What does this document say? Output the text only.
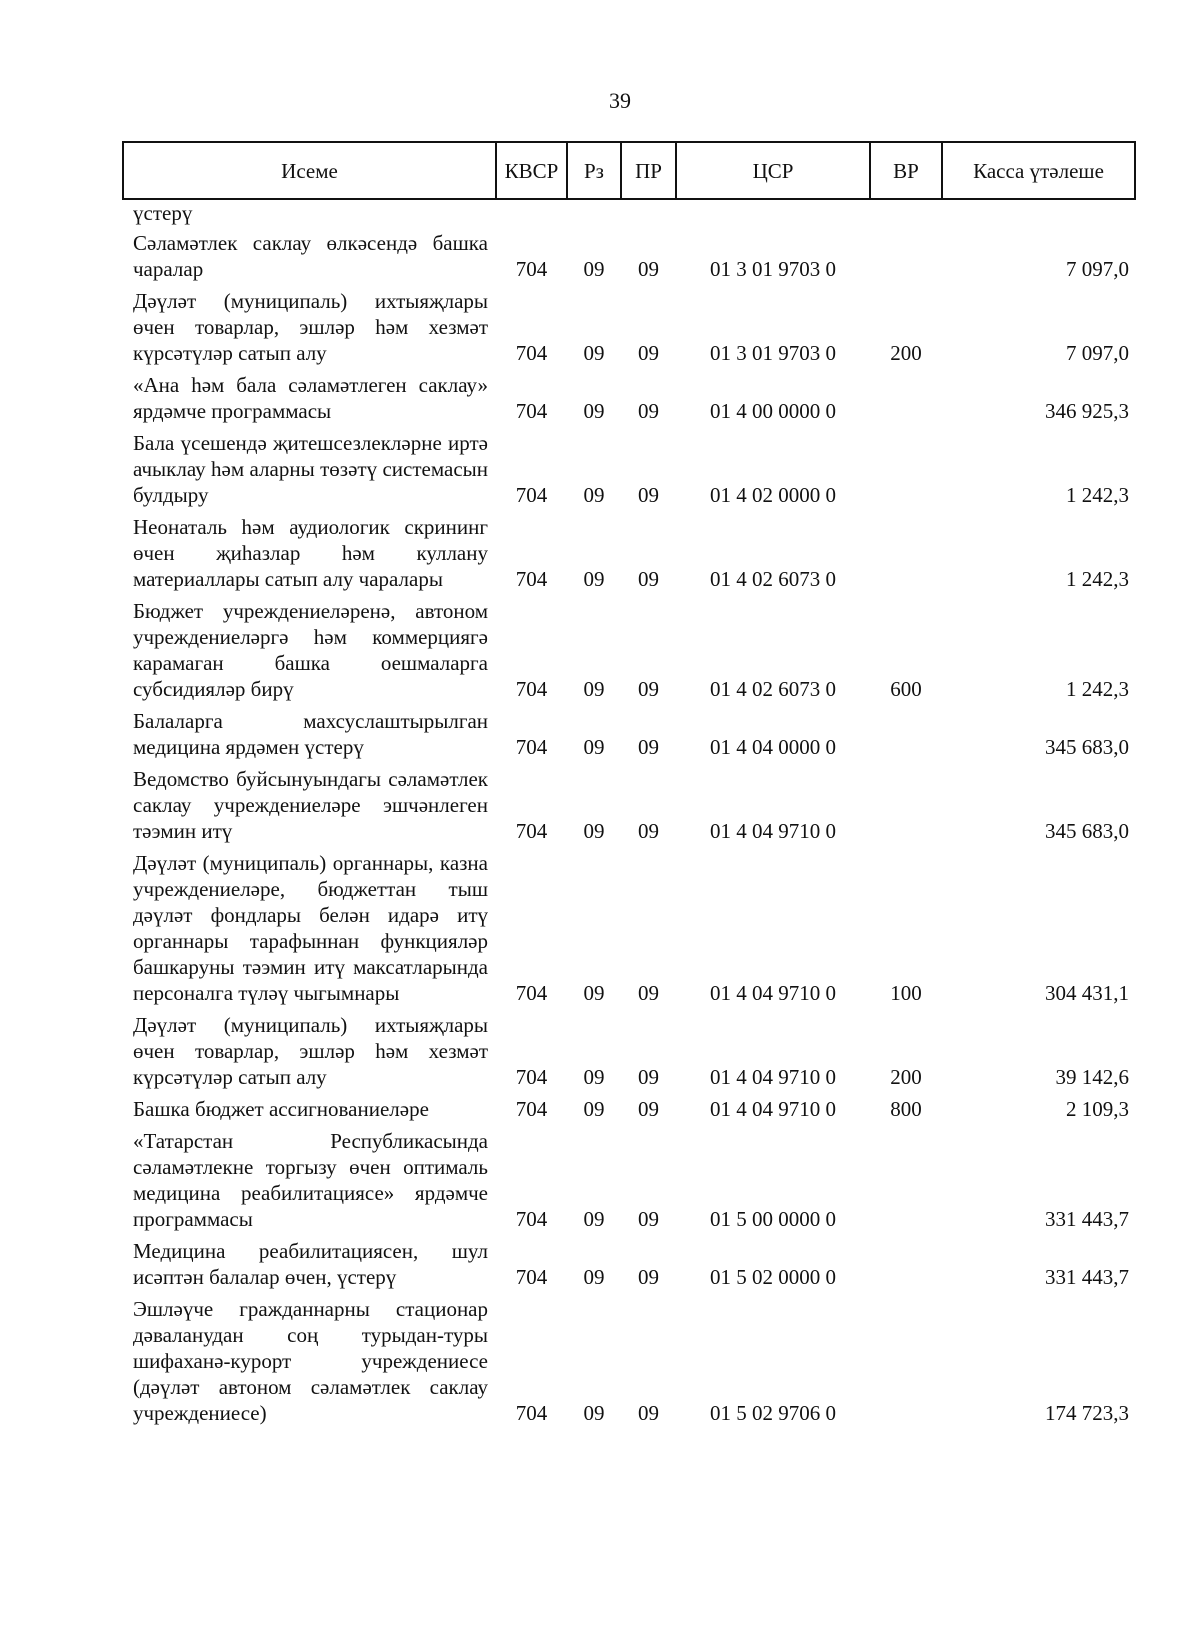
39
Исеме	КВСР	Рз	ПР	ЦСР	ВР	Касса үтәлеше
үстерү						
Сәламәтлек саклау өлкәсендә башка чаралар	704	09	09	01 3 01 9703 0		7 097,0
Дәүләт (муниципаль) ихтыяҗлары өчен товарлар, эшләр һәм хезмәт күрсәтүләр сатып алу	704	09	09	01 3 01 9703 0	200	7 097,0
«Ана һәм бала сәламәтлеген саклау» ярдәмче программасы	704	09	09	01 4 00 0000 0		346 925,3
Бала үсешендә җитешсезлекләрне иртә ачыклау һәм аларны төзәтү системасын булдыру	704	09	09	01 4 02 0000 0		1 242,3
Неонаталь һәм аудиологик скрининг өчен җиһазлар һәм куллану материаллары сатып алу чаралары	704	09	09	01 4 02 6073 0		1 242,3
Бюджет учреждениеләренә, автоном учреждениеләргә һәм коммерциягә карамаган башка оешмаларга субсидияләр бирү	704	09	09	01 4 02 6073 0	600	1 242,3
Балаларга махсуслаштырылган медицина ярдәмен үстерү	704	09	09	01 4 04 0000 0		345 683,0
Ведомство буйсынуындагы сәламәтлек саклау учреждениеләре эшчәнлеген тәэмин итү	704	09	09	01 4 04 9710 0		345 683,0
Дәүләт (муниципаль) органнары, казна учреждениеләре, бюджеттан тыш дәүләт фондлары белән идарә итү органнары тарафыннан функцияләр башкаруны тәэмин итү максатларында персоналга түләү чыгымнары	704	09	09	01 4 04 9710 0	100	304 431,1
Дәүләт (муниципаль) ихтыяҗлары өчен товарлар, эшләр һәм хезмәт күрсәтүләр сатып алу	704	09	09	01 4 04 9710 0	200	39 142,6
Башка бюджет ассигнованиеләре	704	09	09	01 4 04 9710 0	800	2 109,3
«Татарстан Республикасында сәламәтлекне торгызу өчен оптималь медицина реабилитациясе» ярдәмче программасы	704	09	09	01 5 00 0000 0		331 443,7
Медицина реабилитациясен, шул исәптән балалар өчен, үстерү	704	09	09	01 5 02 0000 0		331 443,7
Эшләүче гражданнарны стационар дәваланудан соң турыдан-туры шифаханә-курорт учреждениесе (дәүләт автоном сәламәтлек саклау учреждениесе)	704	09	09	01 5 02 9706 0		174 723,3
